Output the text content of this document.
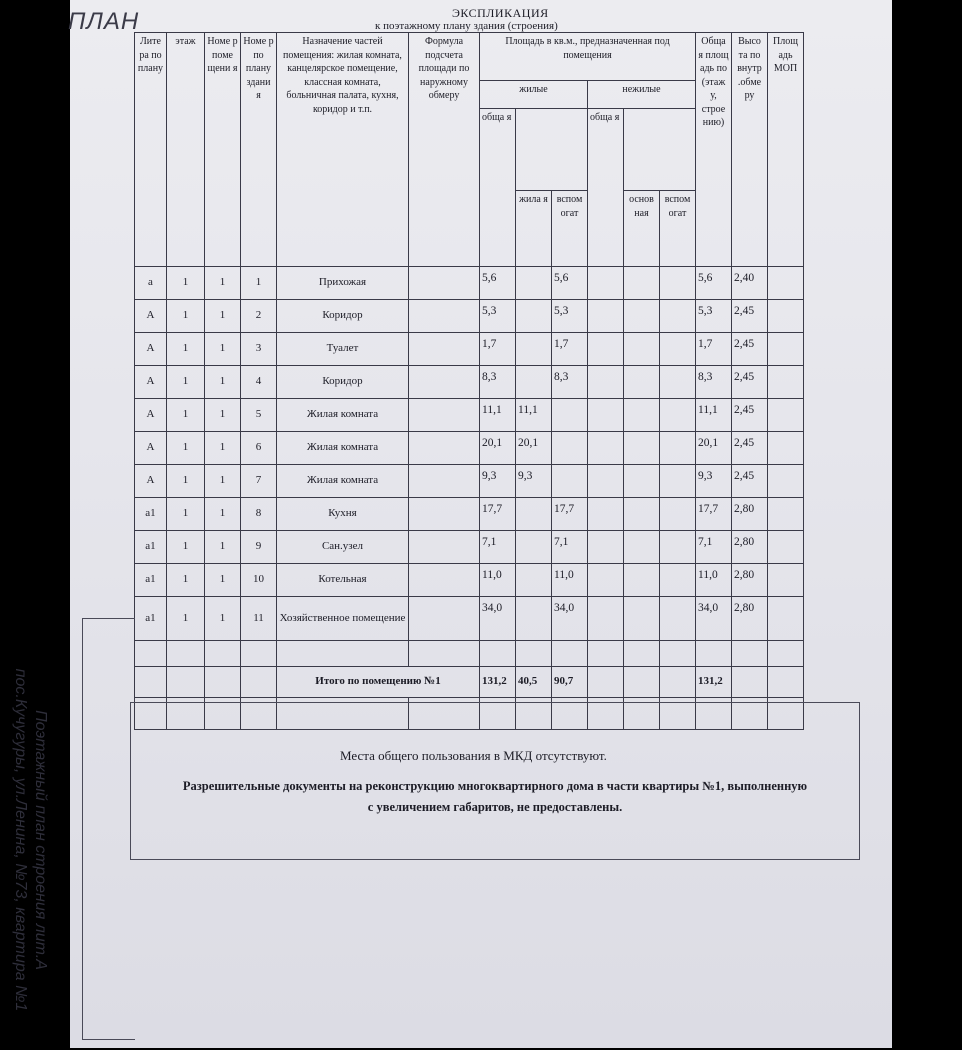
ПЛАН	ЭКСПЛИКАЦИЯ
к поэтажному плану здания (строения)
Лите ра по плану	этаж	Номе р поме щени я	Номе р по плану здани я	Назначение частей помещения: жилая комната, канцелярское помещение, классная комната, больничная палата, кухня, коридор и т.п.	Формула подсчета площади по наружному обмеру	Площадь в кв.м., предназначенная под помещения						Обща я площ адь по (этаж у, строе нию)	Высо та по внутр .обме ру	Площ адь МОП
						жилые			нежилые					
						обща я			обща я					
							жила я	вспом огат		основ ная	вспом огат			
а	1	1	1	Прихожая		5,6		5,6				5,6	2,40	
А	1	1	2	Коридор		5,3		5,3				5,3	2,45	
А	1	1	3	Туалет		1,7		1,7				1,7	2,45	
А	1	1	4	Коридор		8,3		8,3				8,3	2,45	
А	1	1	5	Жилая комната		11,1	11,1					11,1	2,45	
А	1	1	6	Жилая комната		20,1	20,1					20,1	2,45	
А	1	1	7	Жилая комната		9,3	9,3					9,3	2,45	
а1	1	1	8	Кухня		17,7		17,7				17,7	2,80	
а1	1	1	9	Сан.узел		7,1		7,1				7,1	2,80	
а1	1	1	10	Котельная		11,0		11,0				11,0	2,80	
а1	1	1	11	Хозяйственное помещение		34,0		34,0				34,0	2,80	

				Итого по помещению №1		131,2	40,5	90,7				131,2		

Места общего пользования в МКД отсутствуют.
Разрешительные документы на реконструкцию многоквартирного дома в части квартиры №1, выполненную
с увеличением габаритов, не предоставлены.
Поэтажный план строения лит.А
пос.Кучугуры, ул.Ленина, №73, квартира №1
